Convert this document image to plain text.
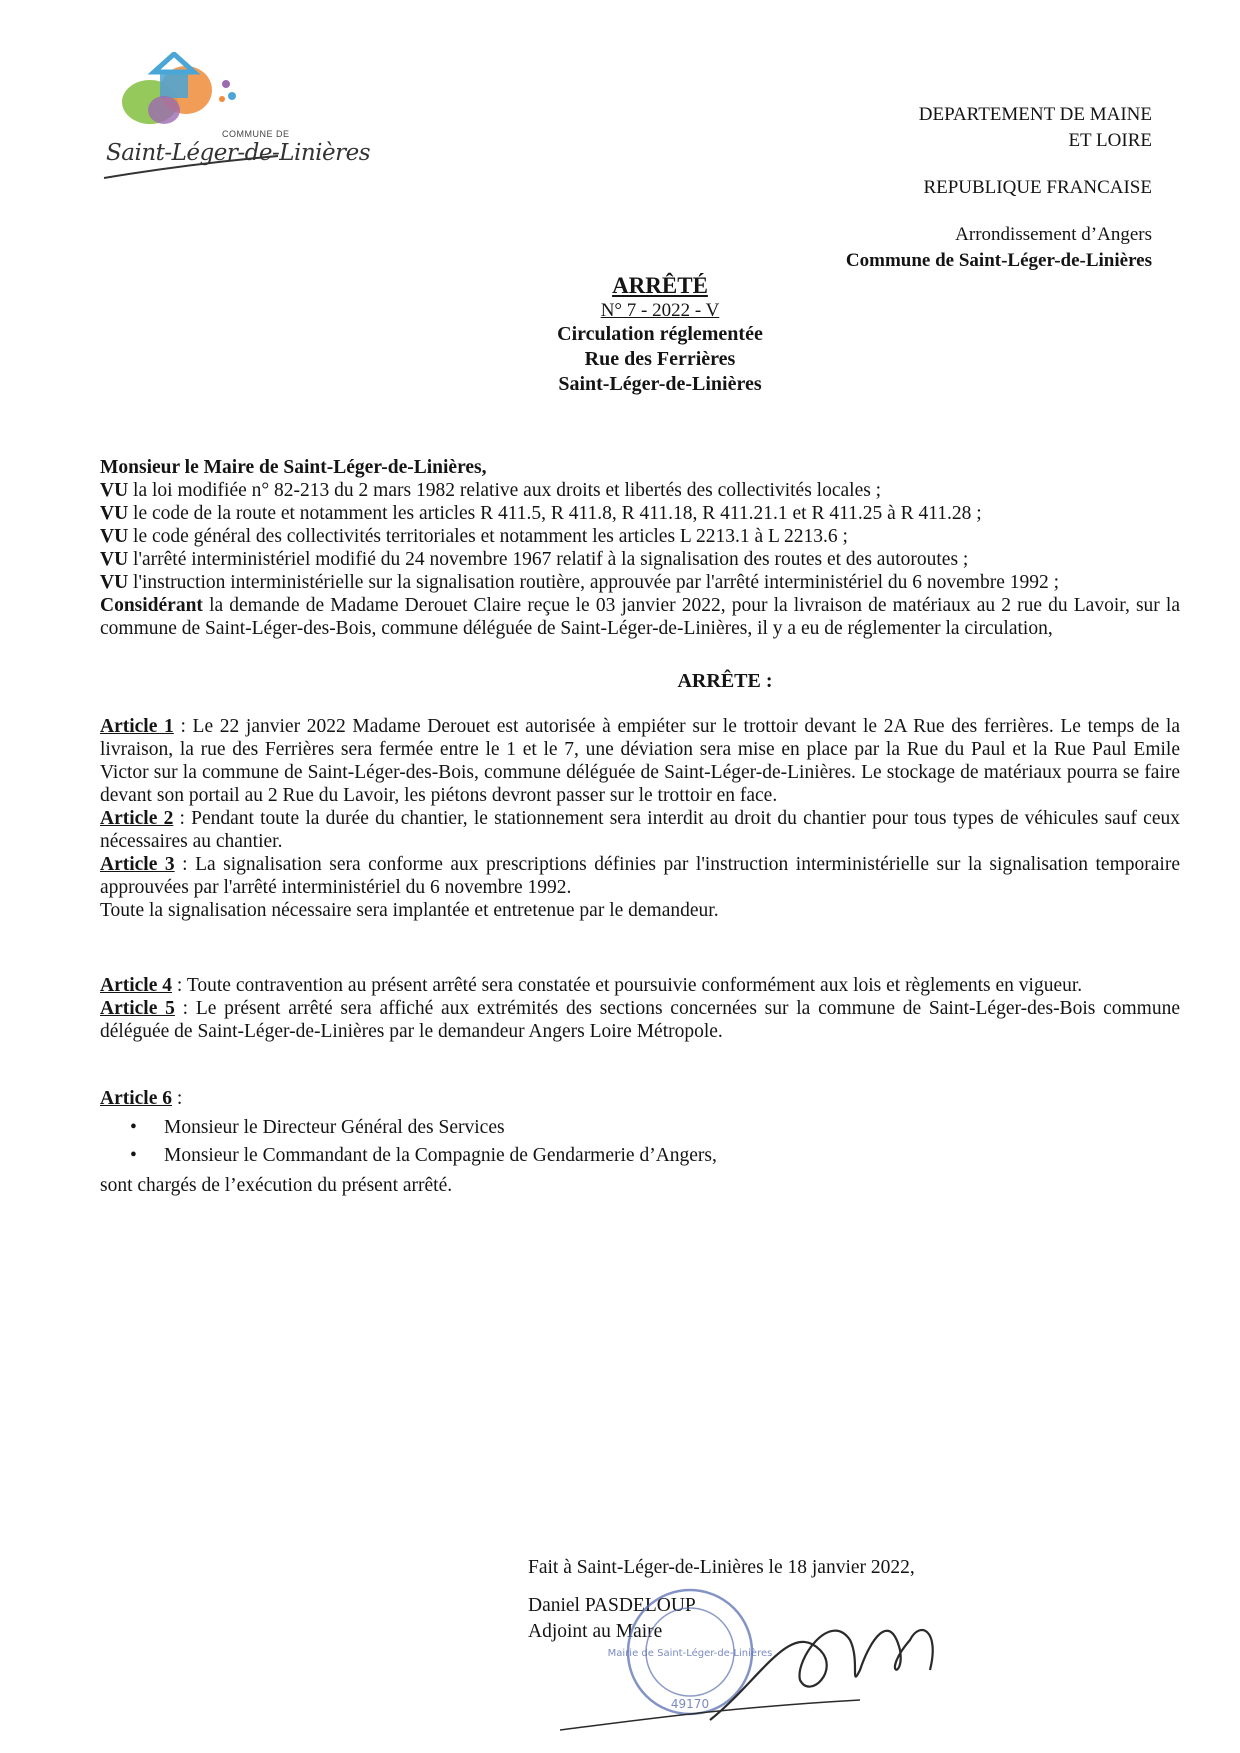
COMMUNE DE
Saint-Léger-de-Linières
DEPARTEMENT DE MAINE
ET LOIRE
REPUBLIQUE FRANCAISE
Arrondissement d’Angers
Commune de Saint-Léger-de-Linières
ARRÊTÉ
N° 7 - 2022 - V
Circulation réglementée
Rue des Ferrières
Saint-Léger-de-Linières

Monsieur le Maire de Saint-Léger-de-Linières,

VU
la loi modifiée n° 82-213 du 2 mars 1982 relative aux droits et libertés des collectivités locales ;
VU
le code de la route et notamment les articles R 411.5, R 411.8, R 411.18, R 411.21.1 et R 411.25 à R 411.28 ;
VU
le code général des collectivités territoriales et notamment les articles L 2213.1 à L 2213.6 ;
VU
l'arrêté interministériel modifié du 24 novembre 1967 relatif à la signalisation des routes et des autoroutes ;
VU
l'instruction interministérielle sur la signalisation routière, approuvée par l'arrêté interministériel du 6 novembre 1992 ;

Considérant la demande de Madame Derouet Claire reçue le 03 janvier 2022, pour la livraison de matériaux au 2 rue du Lavoir, sur la commune de Saint-Léger-des-Bois, commune déléguée de Saint-Léger-de-Linières, il y a eu de réglementer la circulation,

ARRÊTE :

Article 1 : Le 22 janvier 2022 Madame Derouet est autorisée à empiéter sur le trottoir devant le 2A Rue des ferrières. Le temps de la livraison, la rue des Ferrières sera fermée entre le 1 et le 7, une déviation sera mise en place par la Rue du Paul et la Rue Paul Emile Victor sur la commune de Saint-Léger-des-Bois, commune déléguée de Saint-Léger-de-Linières. Le stockage de matériaux pourra se faire devant son portail au 2 Rue du Lavoir, les piétons devront passer sur le trottoir en face.

Article 2 : Pendant toute la durée du chantier, le stationnement sera interdit au droit du chantier pour tous types de véhicules sauf ceux nécessaires au chantier.

Article 3 : La signalisation sera conforme aux prescriptions définies par l'instruction interministérielle sur la signalisation temporaire approuvées par l'arrêté interministériel du 6 novembre 1992.

Toute la signalisation nécessaire sera implantée et entretenue par le demandeur.

Article 4 : Toute contravention au présent arrêté sera constatée et poursuivie conformément aux lois et règlements en vigueur.

Article 5 : Le présent arrêté sera affiché aux extrémités des sections concernées sur la commune de Saint-Léger-des-Bois commune déléguée de Saint-Léger-de-Linières par le demandeur Angers Loire Métropole.

Article 6 :

•	Monsieur le Directeur Général des Services
•	Monsieur le Commandant de la Compagnie de Gendarmerie d’Angers,

sont chargés de l’exécution du présent arrêté.

Fait à Saint-Léger-de-Linières le 18 janvier 2022,
Daniel PASDELOUP
Adjoint au Maire
Mairie de Saint-Léger-de-Linières
49170
